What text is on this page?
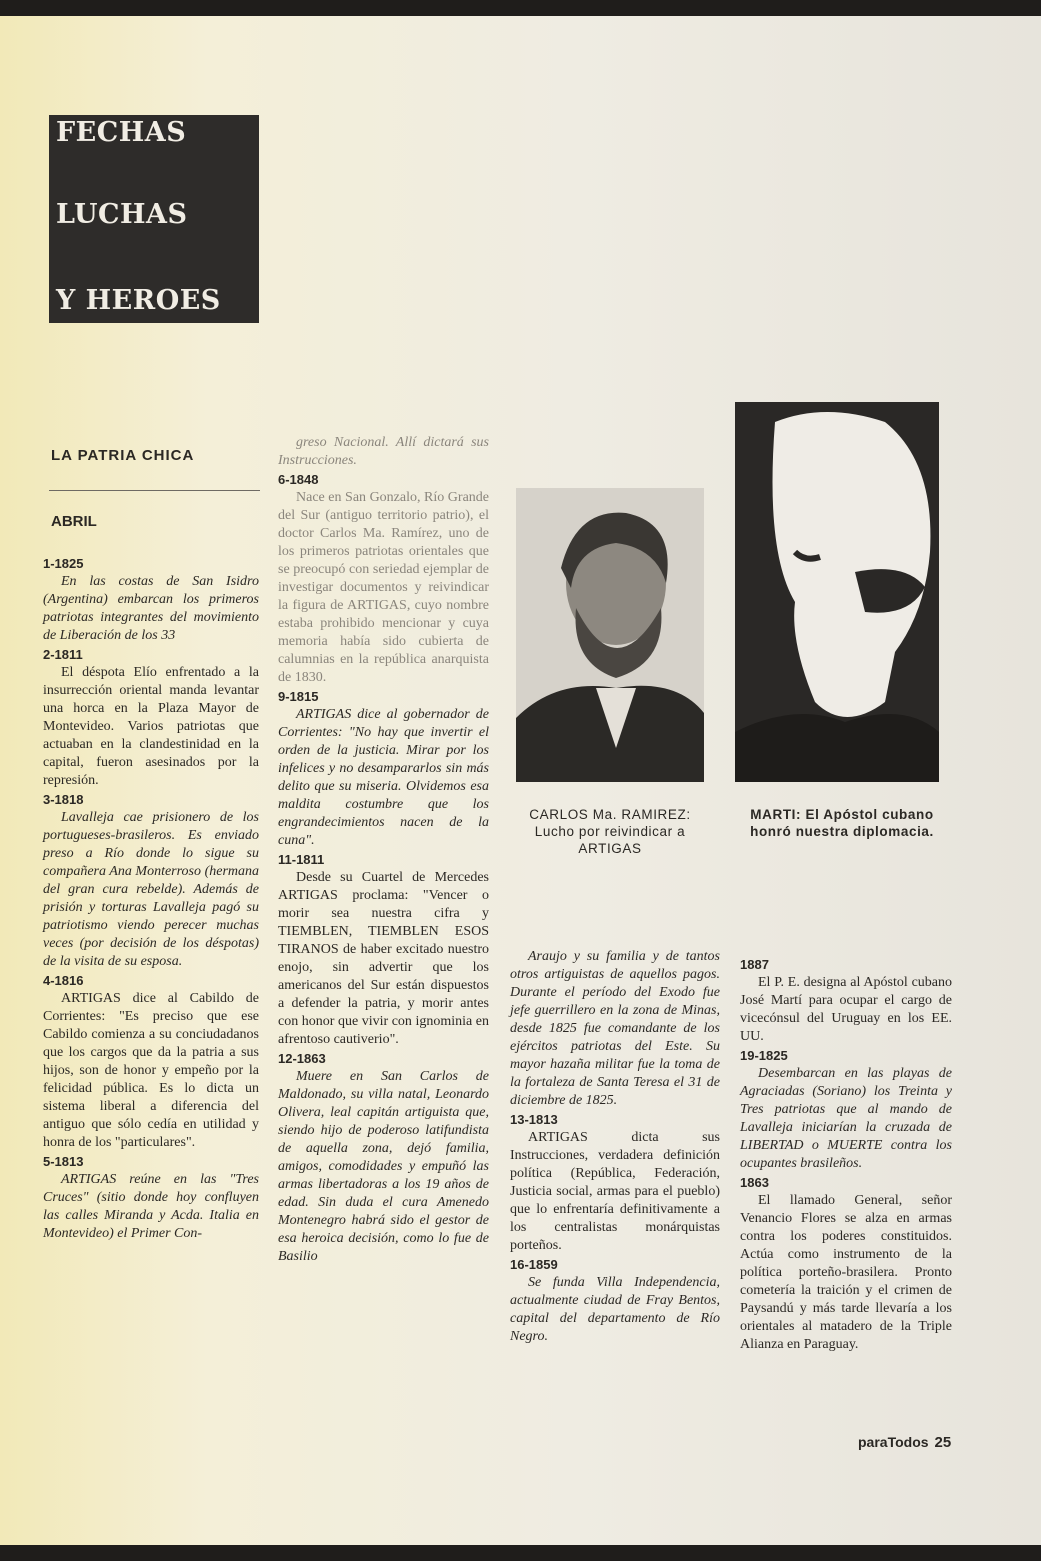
FECHAS
LUCHAS
Y HEROES
LA PATRIA CHICA
ABRIL
1-1825

En las costas de San Isidro (Argentina) embarcan los primeros patriotas integrantes del movimiento de Liberación de los 33

2-1811

El déspota Elío enfrentado a la insurrección oriental manda levantar una horca en la Plaza Mayor de Montevideo. Varios patriotas que actuaban en la clandestinidad en la capital, fueron asesinados por la represión.

3-1818

Lavalleja cae prisionero de los portugueses-brasileros. Es enviado preso a Río donde lo sigue su compañera Ana Monterroso (hermana del gran cura rebelde). Además de prisión y torturas Lavalleja pagó su patriotismo viendo perecer muchas veces (por decisión de los déspotas) de la visita de su esposa.

4-1816

ARTIGAS dice al Cabildo de Corrientes: "Es preciso que ese Cabildo comienza a su conciudadanos que los cargos que da la patria a sus hijos, son de honor y empeño por la felicidad pública. Es lo dicta un sistema liberal a diferencia del antiguo que sólo cedía en utilidad y honra de los "particulares".

5-1813

ARTIGAS reúne en las "Tres Cruces" (sitio donde hoy confluyen las calles Miranda y Acda. Italia en Montevideo) el Primer Con-

greso Nacional. Allí dictará sus Instrucciones.

6-1848

Nace en San Gonzalo, Río Grande del Sur (antiguo territorio patrio), el doctor Carlos Ma. Ramírez, uno de los primeros patriotas orientales que se preocupó con seriedad ejemplar de investigar documentos y reivindicar la figura de ARTIGAS, cuyo nombre estaba prohibido mencionar y cuya memoria había sido cubierta de calumnias en la república anarquista de 1830.

9-1815

ARTIGAS dice al gobernador de Corrientes: "No hay que invertir el orden de la justicia. Mirar por los infelices y no desampararlos sin más delito que su miseria. Olvidemos esa maldita costumbre que los engrandecimientos nacen de la cuna".

11-1811

Desde su Cuartel de Mercedes ARTIGAS proclama: "Vencer o morir sea nuestra cifra y TIEMBLEN, TIEMBLEN ESOS TIRANOS de haber excitado nuestro enojo, sin advertir que los americanos del Sur están dispuestos a defender la patria, y morir antes con honor que vivir con ignominia en afrentoso cautiverio".

12-1863

Muere en San Carlos de Maldonado, su villa natal, Leonardo Olivera, leal capitán artiguista que, siendo hijo de poderoso latifundista de aquella zona, dejó familia, amigos, comodidades y empuñó las armas libertadoras a los 19 años de edad. Sin duda el cura Amenedo Montenegro habrá sido el gestor de esa heroica decisión, como lo fue de Basilio

Araujo y su familia y de tantos otros artiguistas de aquellos pagos. Durante el período del Exodo fue jefe guerrillero en la zona de Minas, desde 1825 fue comandante de los ejércitos patriotas del Este. Su mayor hazaña militar fue la toma de la fortaleza de Santa Teresa el 31 de diciembre de 1825.

13-1813

ARTIGAS dicta sus Instrucciones, verdadera definición política (República, Federación, Justicia social, armas para el pueblo) que lo enfrentaría definitivamente a los centralistas monárquistas porteños.

16-1859

Se funda Villa Independencia, actualmente ciudad de Fray Bentos, capital del departamento de Río Negro.

1887

El P. E. designa al Apóstol cubano José Martí para ocupar el cargo de vicecónsul del Uruguay en los EE. UU.

19-1825

Desembarcan en las playas de Agraciadas (Soriano) los Treinta y Tres patriotas que al mando de Lavalleja iniciarían la cruzada de LIBERTAD o MUERTE contra los ocupantes brasileños.

1863

El llamado General, señor Venancio Flores se alza en armas contra los poderes constituidos. Actúa como instrumento de la política porteño-brasilera. Pronto cometería la traición y el crimen de Paysandú y más tarde llevaría a los orientales al matadero de la Triple Alianza en Paraguay.

CARLOS Ma. RAMIREZ: Lucho por reivindicar a ARTIGAS
MARTI: El Apóstol cubano honró nuestra diplomacia.
paraTodos 25
